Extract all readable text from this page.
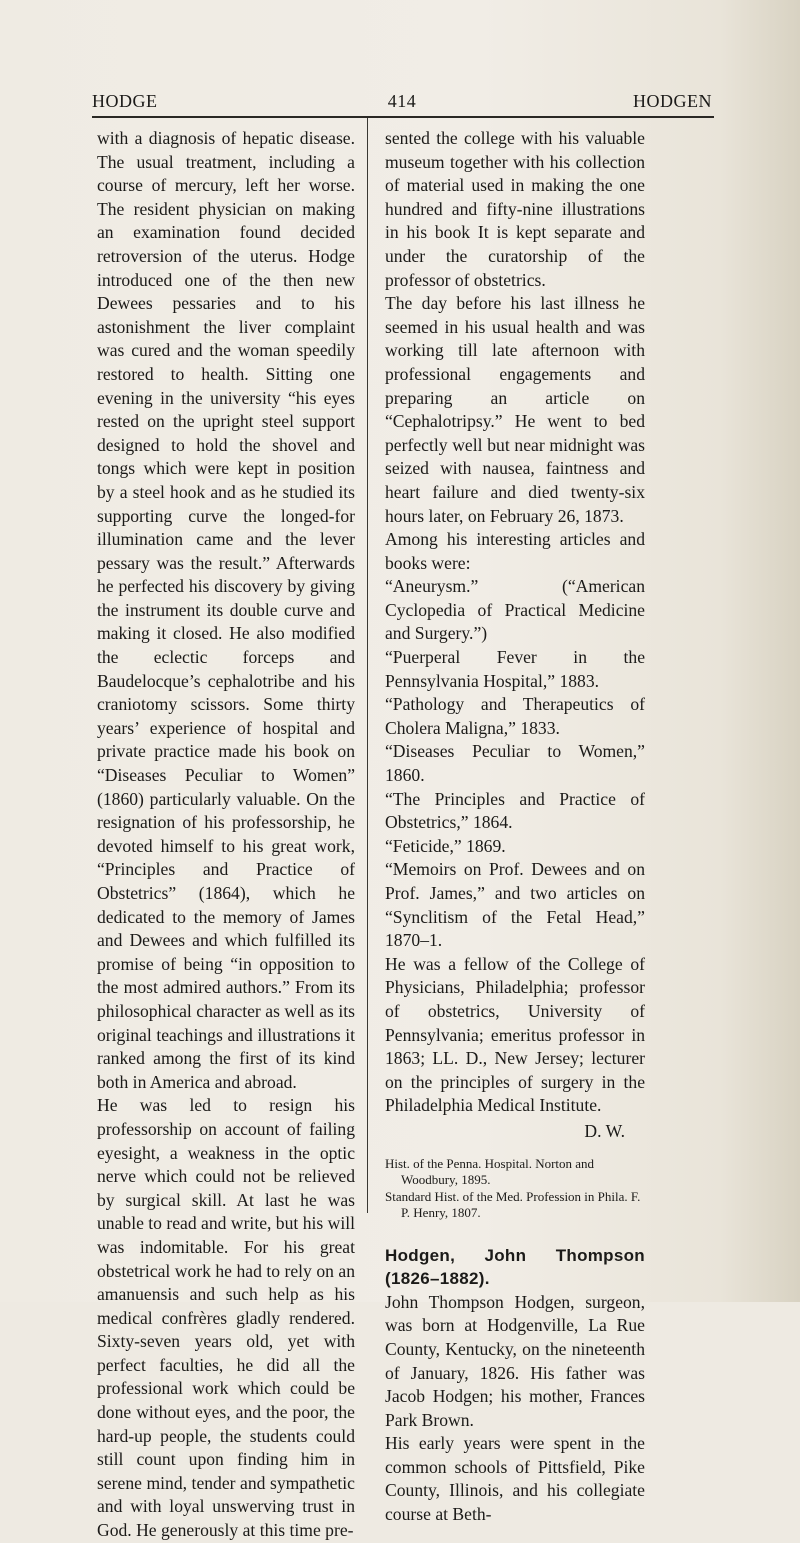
HODGE	414	HODGEN

with a diagnosis of hepatic disease. The usual treatment, including a course of mercury, left her worse. The resident physician on making an examination found decided retroversion of the uterus. Hodge introduced one of the then new Dewees pessaries and to his astonishment the liver complaint was cured and the woman speedily restored to health. Sitting one evening in the university “his eyes rested on the upright steel support designed to hold the shovel and tongs which were kept in position by a steel hook and as he studied its supporting curve the longed-for illumination came and the lever pessary was the result.” Afterwards he perfected his discovery by giving the instrument its double curve and making it closed. He also modified the eclectic forceps and Baudelocque’s cephalotribe and his craniotomy scissors. Some thirty years’ experience of hospital and private practice made his book on “Diseases Peculiar to Women” (1860) particularly valuable. On the resignation of his professorship, he devoted himself to his great work, “Principles and Practice of Obstetrics” (1864), which he dedicated to the memory of James and Dewees and which fulfilled its promise of being “in opposition to the most admired authors.” From its philosophical character as well as its original teachings and illustrations it ranked among the first of its kind both in America and abroad.

He was led to resign his professorship on account of failing eyesight, a weakness in the optic nerve which could not be relieved by surgical skill. At last he was unable to read and write, but his will was indomitable. For his great obstetrical work he had to rely on an amanuensis and such help as his medical confrères gladly rendered. Sixty-seven years old, yet with perfect faculties, he did all the professional work which could be done without eyes, and the poor, the hard-up people, the students could still count upon finding him in serene mind, tender and sympathetic and with loyal unswerving trust in God. He generously at this time pre-

sented the college with his valuable museum together with his collection of material used in making the one hundred and fifty-nine illustrations in his book It is kept separate and under the curatorship of the professor of obstetrics.

The day before his last illness he seemed in his usual health and was working till late afternoon with professional engagements and preparing an article on “Cephalotripsy.” He went to bed perfectly well but near midnight was seized with nausea, faintness and heart failure and died twenty-six hours later, on February 26, 1873.

Among his interesting articles and books were:

“Aneurysm.” (“American Cyclopedia of Practical Medicine and Surgery.”)

“Puerperal Fever in the Pennsylvania Hospital,” 1883.

“Pathology and Therapeutics of Cholera Maligna,” 1833.

“Diseases Peculiar to Women,” 1860.

“The Principles and Practice of Obstetrics,” 1864.

“Feticide,” 1869.

“Memoirs on Prof. Dewees and on Prof. James,” and two articles on “Synclitism of the Fetal Head,” 1870–1.

He was a fellow of the College of Physicians, Philadelphia; professor of obstetrics, University of Pennsylvania; emeritus professor in 1863; LL. D., New Jersey; lecturer on the principles of surgery in the Philadelphia Medical Institute.

D. W.

Hist. of the Penna. Hospital. Norton and Woodbury, 1895.

Standard Hist. of the Med. Profession in Phila. F. P. Henry, 1807.

Hodgen, John Thompson (1826–1882).

John Thompson Hodgen, surgeon, was born at Hodgenville, La Rue County, Kentucky, on the nineteenth of January, 1826. His father was Jacob Hodgen; his mother, Frances Park Brown.

His early years were spent in the common schools of Pittsfield, Pike County, Illinois, and his collegiate course at Beth-
